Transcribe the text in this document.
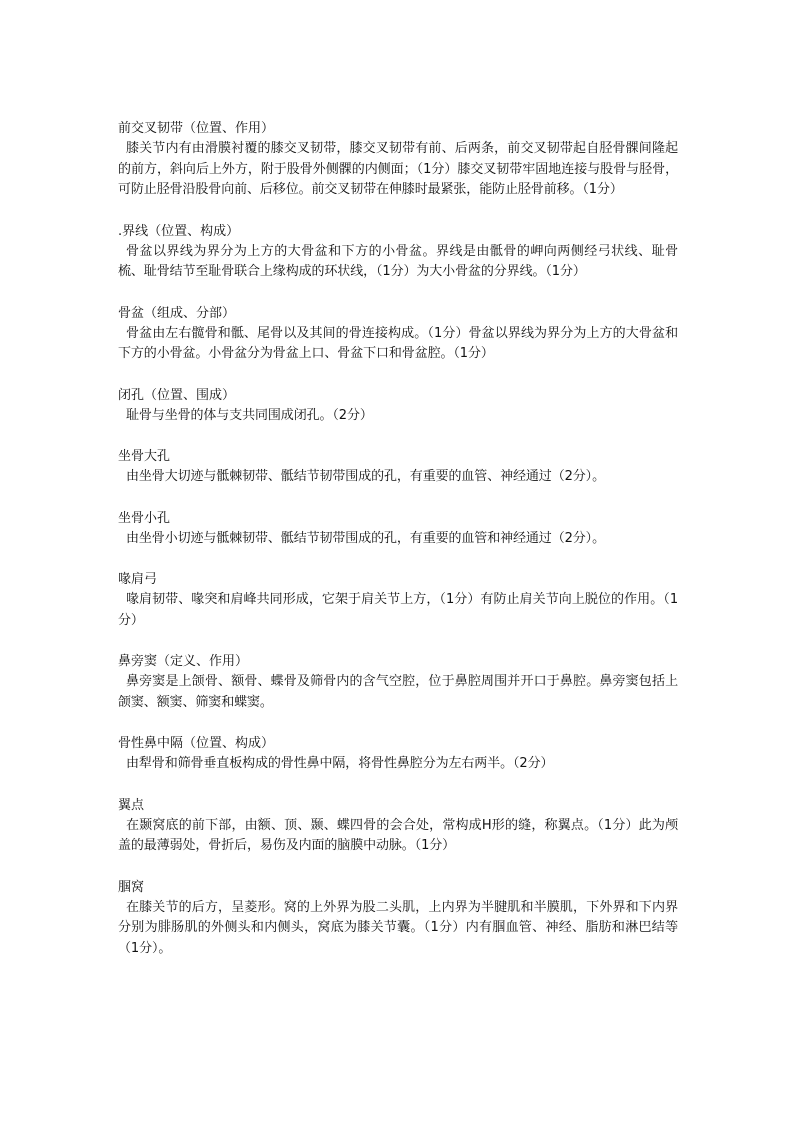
前交叉韧带（位置、作用）
膝关节内有由滑膜衬覆的膝交叉韧带，膝交叉韧带有前、后两条，前交叉韧带起自胫骨髁间隆起的前方，斜向后上外方，附于股骨外侧髁的内侧面；（1分）膝交叉韧带牢固地连接与股骨与胫骨，可防止胫骨沿股骨向前、后移位。前交叉韧带在伸膝时最紧张，能防止胫骨前移。（1分）
.界线（位置、构成）
骨盆以界线为界分为上方的大骨盆和下方的小骨盆。界线是由骶骨的岬向两侧经弓状线、耻骨梳、耻骨结节至耻骨联合上缘构成的环状线，（1分）为大小骨盆的分界线。（1分）
骨盆（组成、分部）
骨盆由左右髋骨和骶、尾骨以及其间的骨连接构成。（1分）骨盆以界线为界分为上方的大骨盆和下方的小骨盆。小骨盆分为骨盆上口、骨盆下口和骨盆腔。（1分）
闭孔（位置、围成）
耻骨与坐骨的体与支共同围成闭孔。（2分）
坐骨大孔
由坐骨大切迹与骶棘韧带、骶结节韧带围成的孔，有重要的血管、神经通过（2分）。
坐骨小孔
由坐骨小切迹与骶棘韧带、骶结节韧带围成的孔，有重要的血管和神经通过（2分）。
喙肩弓
喙肩韧带、喙突和肩峰共同形成，它架于肩关节上方，（1分）有防止肩关节向上脱位的作用。（1分）
鼻旁窦（定义、作用）
鼻旁窦是上颌骨、额骨、蝶骨及筛骨内的含气空腔，位于鼻腔周围并开口于鼻腔。鼻旁窦包括上颌窦、额窦、筛窦和蝶窦。
骨性鼻中隔（位置、构成）
由犁骨和筛骨垂直板构成的骨性鼻中隔，将骨性鼻腔分为左右两半。（2分）
翼点
在颞窝底的前下部，由额、顶、颞、蝶四骨的会合处，常构成H形的缝，称翼点。（1分）此为颅盖的最薄弱处，骨折后，易伤及内面的脑膜中动脉。（1分）
腘窝
在膝关节的后方，呈菱形。窝的上外界为股二头肌，上内界为半腱肌和半膜肌，下外界和下内界分别为腓肠肌的外侧头和内侧头，窝底为膝关节囊。（1分）内有腘血管、神经、脂肪和淋巴结等（1分）。
